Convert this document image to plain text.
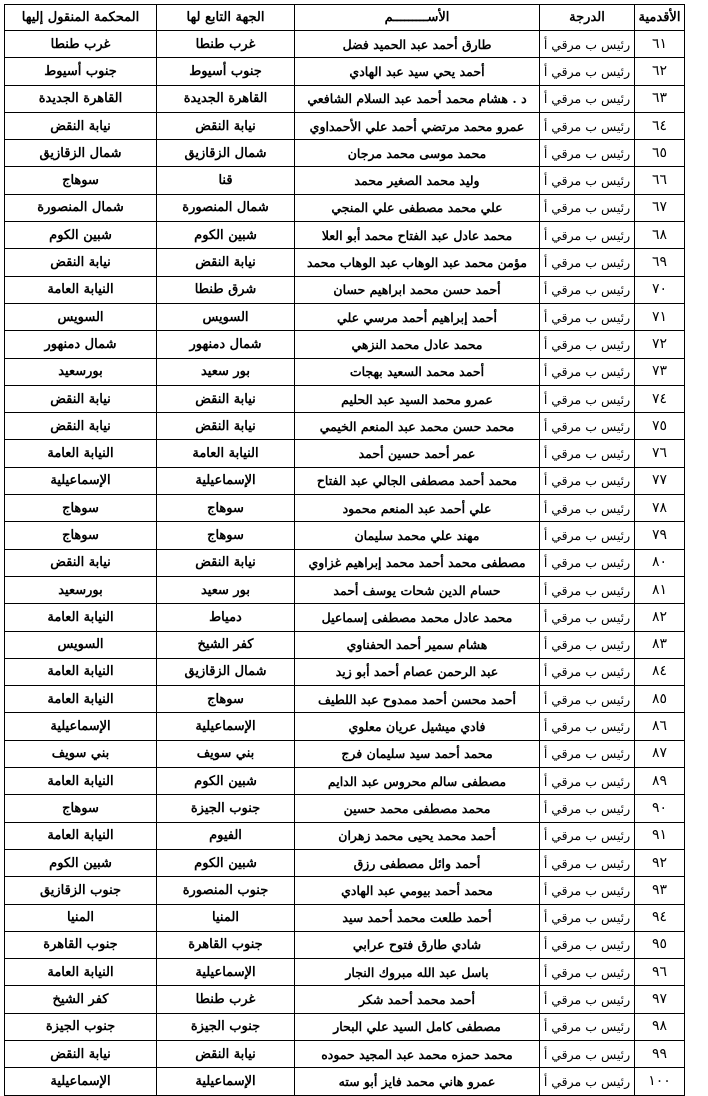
الأقدمية	الدرجة	الأســـــــــم	الجهة التابع لها	المحكمة المنقول إليها
٦١	رئيس ب مرقي أ	طارق أحمد عبد الحميد فضل	غرب طنطا	غرب طنطا
٦٢	رئيس ب مرقي أ	أحمد يحي سيد عبد الهادي	جنوب أسيوط	جنوب أسيوط
٦٣	رئيس ب مرقي أ	د . هشام محمد أحمد عبد السلام الشافعي	القاهرة الجديدة	القاهرة الجديدة
٦٤	رئيس ب مرقي أ	عمرو محمد مرتضي أحمد علي الأحمداوي	نيابة النقض	نيابة النقض
٦٥	رئيس ب مرقي أ	محمد موسى محمد مرجان	شمال الزقازيق	شمال الزقازيق
٦٦	رئيس ب مرقي أ	وليد محمد الصغير محمد	قنا	سوهاج
٦٧	رئيس ب مرقي أ	علي محمد مصطفى علي المنجي	شمال المنصورة	شمال المنصورة
٦٨	رئيس ب مرقي أ	محمد عادل عبد الفتاح محمد أبو العلا	شبين الكوم	شبين الكوم
٦٩	رئيس ب مرقي أ	مؤمن محمد عبد الوهاب عبد الوهاب محمد	نيابة النقض	نيابة النقض
٧٠	رئيس ب مرقي أ	أحمد حسن محمد ابراهيم حسان	شرق طنطا	النيابة العامة
٧١	رئيس ب مرقي أ	أحمد إبراهيم أحمد مرسي علي	السويس	السويس
٧٢	رئيس ب مرقي أ	محمد عادل محمد النزهي	شمال دمنهور	شمال دمنهور
٧٣	رئيس ب مرقي أ	أحمد محمد السعيد بهجات	بور سعيد	بورسعيد
٧٤	رئيس ب مرقي أ	عمرو محمد السيد عبد الحليم	نيابة النقض	نيابة النقض
٧٥	رئيس ب مرقي أ	محمد حسن محمد عبد المنعم الخيمي	نيابة النقض	نيابة النقض
٧٦	رئيس ب مرقي أ	عمر أحمد حسين أحمد	النيابة العامة	النيابة العامة
٧٧	رئيس ب مرقي أ	محمد أحمد مصطفى الجالي عبد الفتاح	الإسماعيلية	الإسماعيلية
٧٨	رئيس ب مرقي أ	علي أحمد عبد المنعم محمود	سوهاج	سوهاج
٧٩	رئيس ب مرقي أ	مهند علي محمد سليمان	سوهاج	سوهاج
٨٠	رئيس ب مرقي أ	مصطفى محمد أحمد محمد إبراهيم غزاوي	نيابة النقض	نيابة النقض
٨١	رئيس ب مرقي أ	حسام الدين شحات يوسف أحمد	بور سعيد	بورسعيد
٨٢	رئيس ب مرقي أ	محمد عادل محمد مصطفى إسماعيل	دمياط	النيابة العامة
٨٣	رئيس ب مرقي أ	هشام سمير أحمد الحفناوي	كفر الشيخ	السويس
٨٤	رئيس ب مرقي أ	عبد الرحمن عصام أحمد أبو زيد	شمال الزقازيق	النيابة العامة
٨٥	رئيس ب مرقي أ	أحمد محسن أحمد ممدوح عبد اللطيف	سوهاج	النيابة العامة
٨٦	رئيس ب مرقي أ	فادي ميشيل عريان معلوي	الإسماعيلية	الإسماعيلية
٨٧	رئيس ب مرقي أ	محمد أحمد سيد سليمان فرج	بني سويف	بني سويف
٨٩	رئيس ب مرقي أ	مصطفى سالم محروس عبد الدايم	شبين الكوم	النيابة العامة
٩٠	رئيس ب مرقي أ	محمد مصطفى محمد حسين	جنوب الجيزة	سوهاج
٩١	رئيس ب مرقي أ	أحمد محمد يحيى محمد زهران	الفيوم	النيابة العامة
٩٢	رئيس ب مرقي أ	أحمد وائل مصطفى رزق	شبين الكوم	شبين الكوم
٩٣	رئيس ب مرقي أ	محمد أحمد بيومي عبد الهادي	جنوب المنصورة	جنوب الزقازيق
٩٤	رئيس ب مرقي أ	أحمد طلعت محمد أحمد سيد	المنيا	المنيا
٩٥	رئيس ب مرقي أ	شادي طارق فتوح عرابي	جنوب القاهرة	جنوب القاهرة
٩٦	رئيس ب مرقي أ	باسل عبد الله مبروك النجار	الإسماعيلية	النيابة العامة
٩٧	رئيس ب مرقي أ	أحمد محمد أحمد شكر	غرب طنطا	كفر الشيخ
٩٨	رئيس ب مرقي أ	مصطفى كامل السيد علي البحار	جنوب الجيزة	جنوب الجيزة
٩٩	رئيس ب مرقي أ	محمد حمزه محمد عبد المجيد حموده	نيابة النقض	نيابة النقض
١٠٠	رئيس ب مرقي أ	عمرو هاني محمد فايز أبو سته	الإسماعيلية	الإسماعيلية
